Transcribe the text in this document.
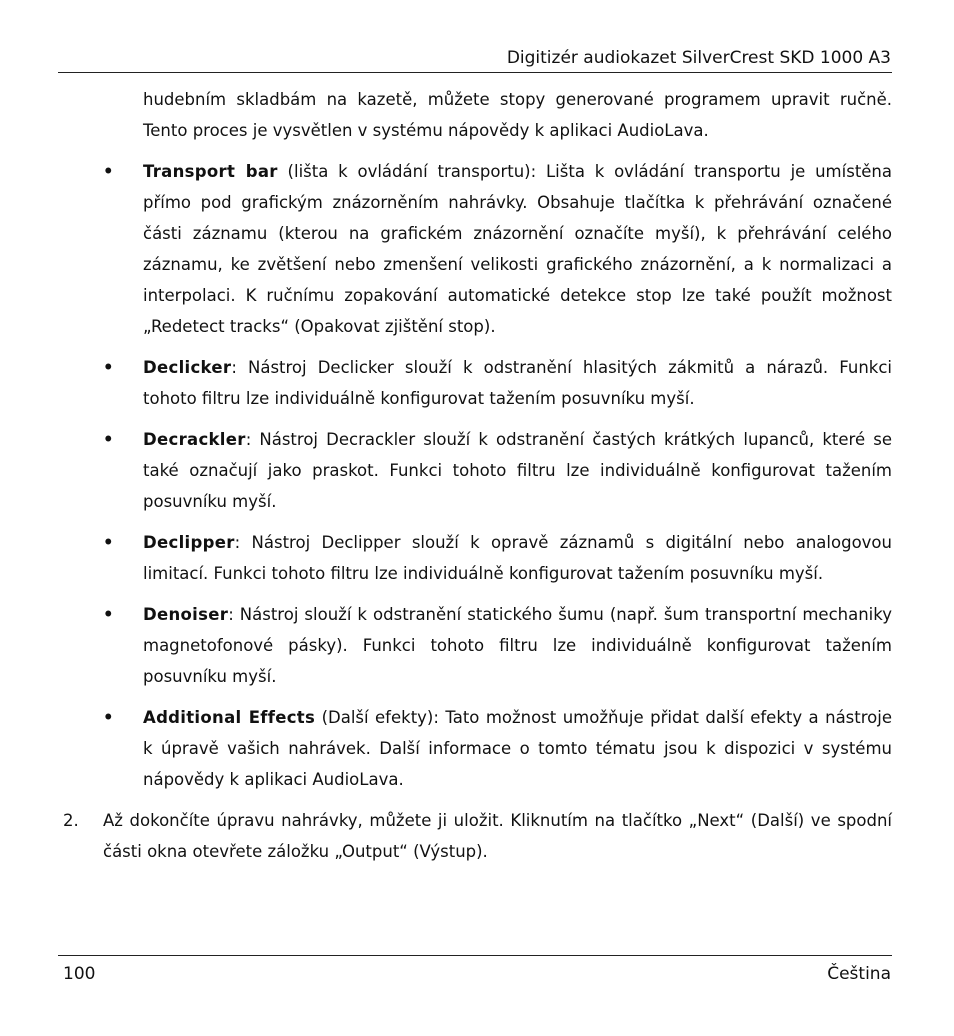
Digitizér audiokazet SilverCrest SKD 1000 A3

hudebním skladbám na kazetě, můžete stopy generované programem upravit ručně. Tento proces je vysvětlen v systému nápovědy k aplikaci AudioLava.

• Transport bar (lišta k ovládání transportu): Lišta k ovládání transportu je umístěna přímo pod grafickým znázorněním nahrávky. Obsahuje tlačítka k přehrávání označené části záznamu (kterou na grafickém znázornění označíte myší), k přehrávání celého záznamu, ke zvětšení nebo zmenšení velikosti grafického znázornění, a k normalizaci a interpolaci. K ručnímu zopakování automatické detekce stop lze také použít možnost „Redetect tracks“ (Opakovat zjištění stop).
• Declicker: Nástroj Declicker slouží k odstranění hlasitých zákmitů a nárazů. Funkci tohoto filtru lze individuálně konfigurovat tažením posuvníku myší.
• Decrackler: Nástroj Decrackler slouží k odstranění častých krátkých lupanců, které se také označují jako praskot. Funkci tohoto filtru lze individuálně konfigurovat tažením posuvníku myší.
• Declipper: Nástroj Declipper slouží k opravě záznamů s digitální nebo analogovou limitací. Funkci tohoto filtru lze individuálně konfigurovat tažením posuvníku myší.
• Denoiser: Nástroj slouží k odstranění statického šumu (např. šum transportní mechaniky magnetofonové pásky). Funkci tohoto filtru lze individuálně konfigurovat tažením posuvníku myší.
• Additional Effects (Další efekty): Tato možnost umožňuje přidat další efekty a nástroje k úpravě vašich nahrávek. Další informace o tomto tématu jsou k dispozici v systému nápovědy k aplikaci AudioLava.
2. Až dokončíte úpravu nahrávky, můžete ji uložit. Kliknutím na tlačítko „Next“ (Další) ve spodní části okna otevřete záložku „Output“ (Výstup).
100	Čeština
